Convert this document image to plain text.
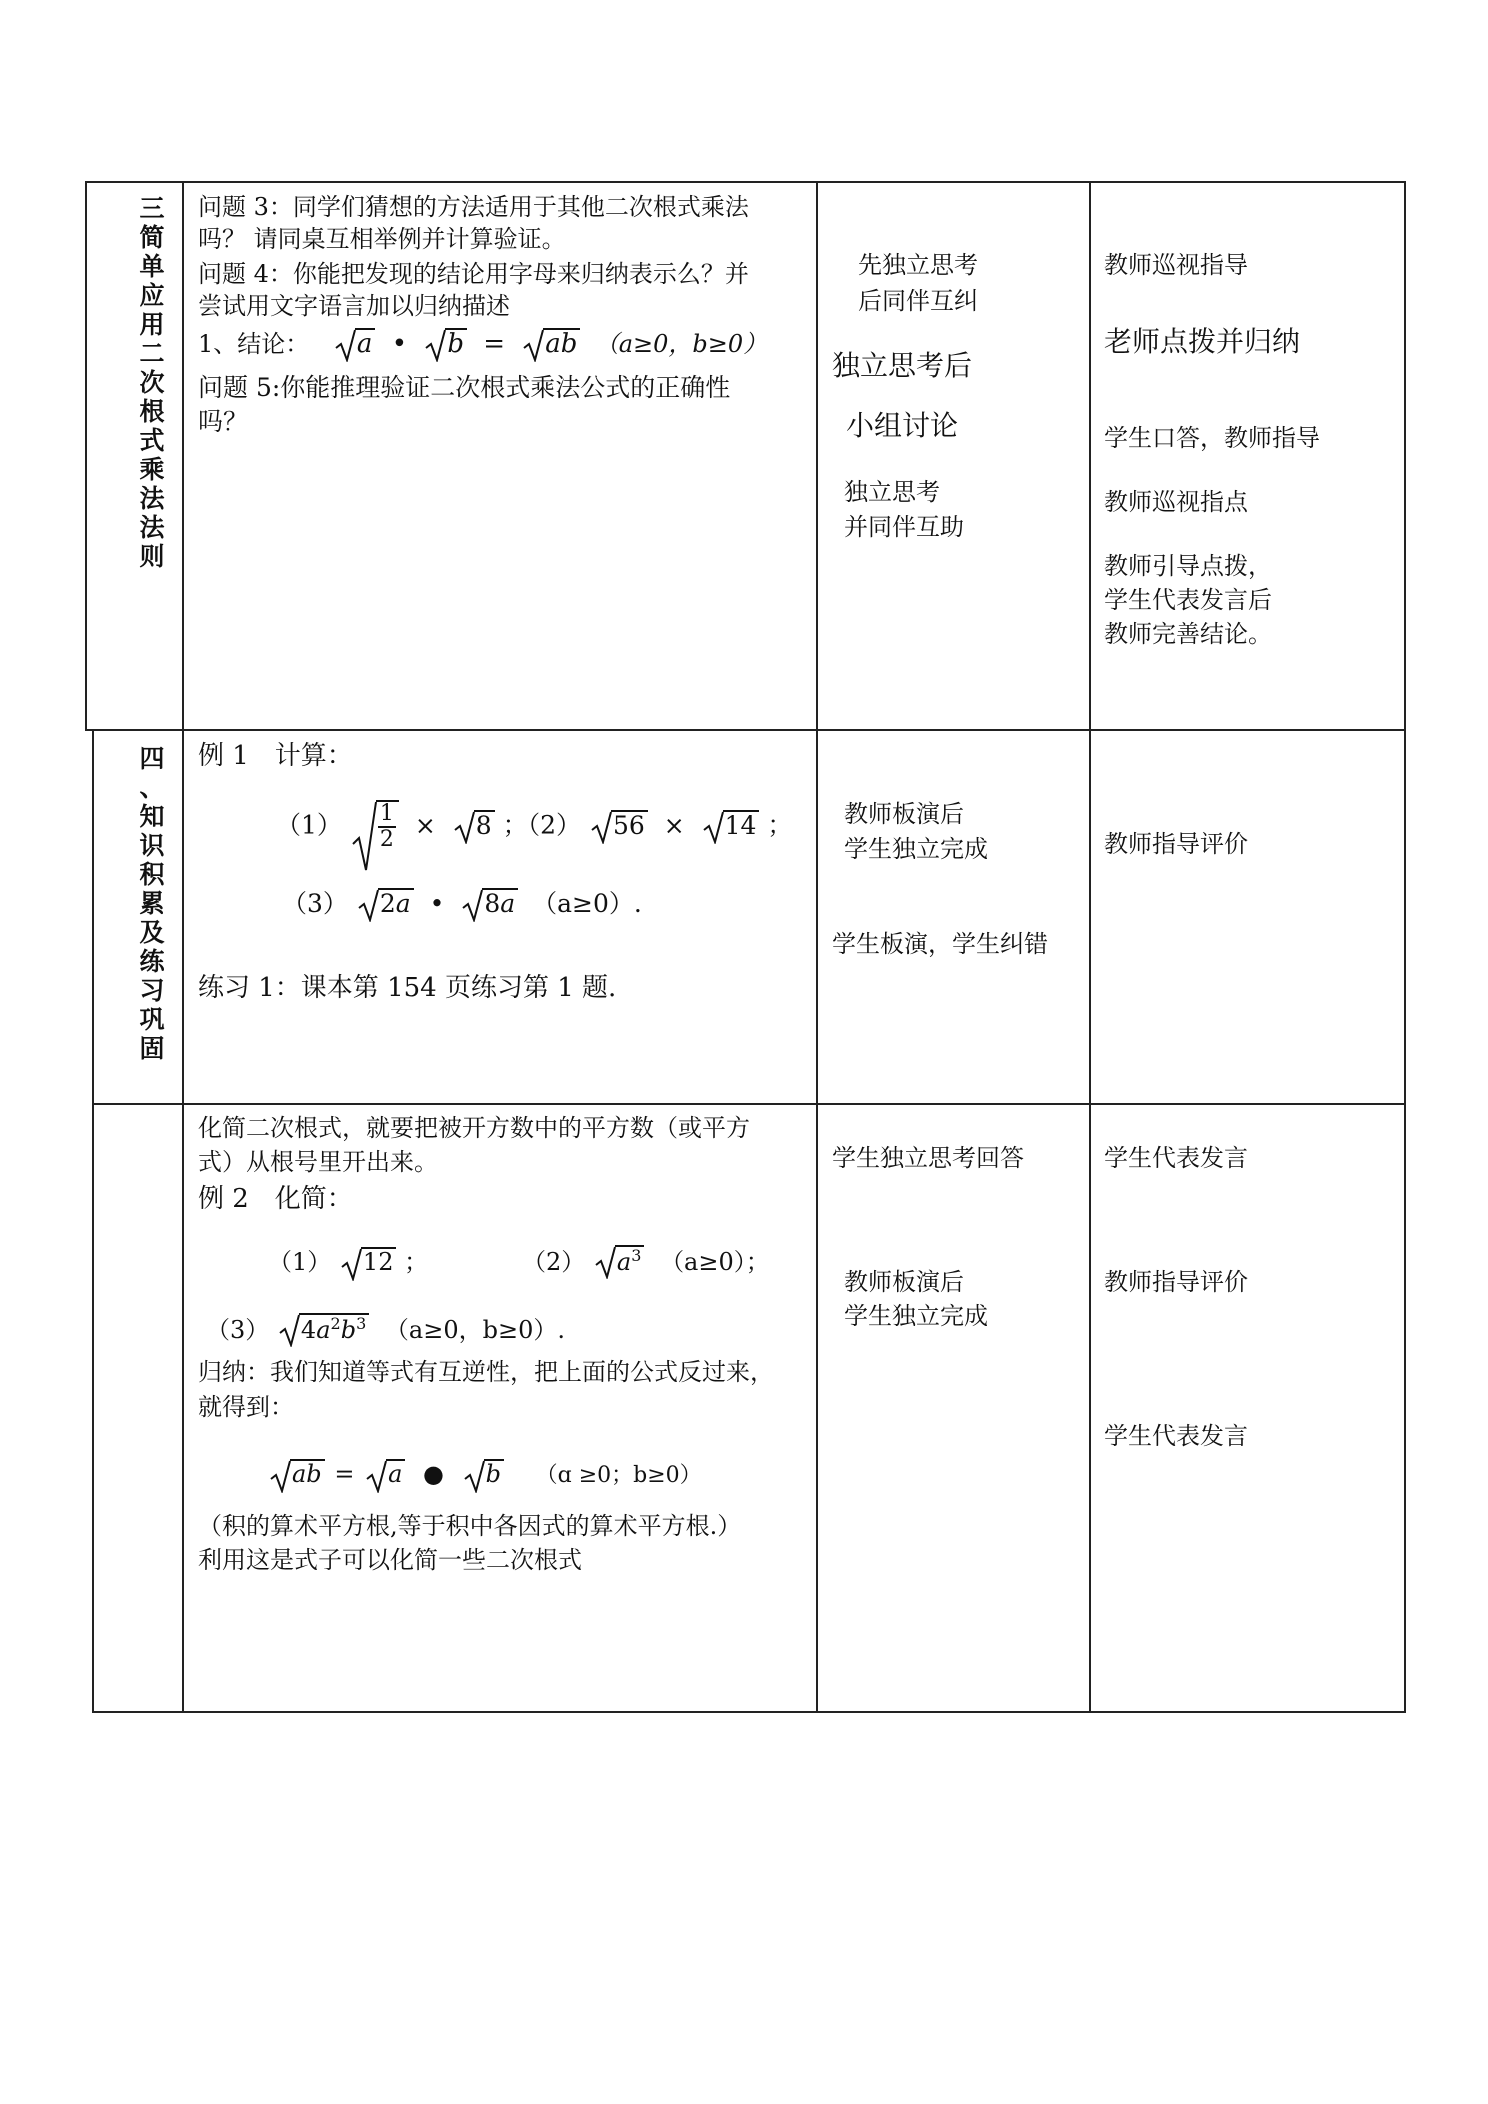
三
简
单
应
用
二
次
根
式
乘
法
法
则
问题 3：同学们猜想的方法适用于其他二次根式乘法
吗？ 请同桌互相举例并计算验证。
问题 4：你能把发现的结论用字母来归纳表示么？并
尝试用文字语言加以归纳描述
1、结论： a • b = ab （a≥0，b≥0）
问题 5:你能推理验证二次根式乘法公式的正确性
吗？
先独立思考
后同伴互纠
独立思考后
小组讨论
独立思考
并同伴互助
教师巡视指导
老师点拨并归纳
学生口答，教师指导
教师巡视指点
教师引导点拨，
学生代表发言后
教师完善结论。
四
、
知
识
积
累
及
练
习
巩
固
例 1　计算：
$(1) \frac{1}{2} \times 8$ ；（2） 56 × 14 ；
（3） 2a • 8a （a≥0）.
练习 1：课本第 154 页练习第 1 题.
教师板演后
学生独立完成
学生板演，学生纠错
教师指导评价
化简二次根式，就要把被开方数中的平方数（或平方
式）从根号里开出来。
例 2　化简：
（1） 12 ；	（2） $a^3$ （a≥0）；
（3） $4a^2b^3$ （a≥0，b≥0）.
归纳：我们知道等式有互逆性，把上面的公式反过来，
就得到：
ab = a ● b （ɑ ≥0；b≥0）
（积的算术平方根,等于积中各因式的算术平方根.）
利用这是式子可以化简一些二次根式
学生独立思考回答
教师板演后
学生独立完成
学生代表发言
教师指导评价
学生代表发言
